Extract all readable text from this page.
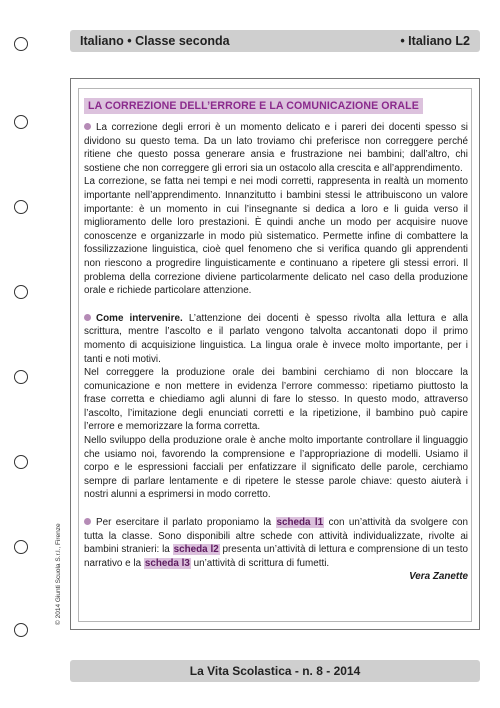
Italiano • Classe seconda	• Italiano L2
LA CORREZIONE DELL’ERRORE E LA COMUNICAZIONE ORALE

La correzione degli errori è un momento delicato e i pareri dei docenti spesso si dividono su questo tema. Da un lato troviamo chi preferisce non correggere perché ritiene che questo possa generare ansia e frustrazione nei bambini; dall’altro, chi sostiene che non correggere gli errori sia un ostacolo alla crescita e all’apprendimento.

La correzione, se fatta nei tempi e nei modi corretti, rappresenta in realtà un momento importante nell’apprendimento. Innanzitutto i bambini stessi le attribuiscono un valore importante: è un momento in cui l’insegnante si dedica a loro e li guida verso il miglioramento delle loro prestazioni. È quindi anche un modo per acquisire nuove conoscenze e organizzarle in modo più sistematico. Permette infine di combattere la fossilizzazione linguistica, cioè quel fenomeno che si verifica quando gli apprendenti non riescono a progredire linguisticamente e continuano a ripetere gli stessi errori. Il problema della correzione diviene particolarmente delicato nel caso della produzione orale e richiede particolare attenzione.

Come intervenire. L’attenzione dei docenti è spesso rivolta alla lettura e alla scrittura, mentre l’ascolto e il parlato vengono talvolta accantonati dopo il primo momento di acquisizione linguistica. La lingua orale è invece molto importante, per i tanti e noti motivi.

Nel correggere la produzione orale dei bambini cerchiamo di non bloccare la comunicazione e non mettere in evidenza l’errore commesso: ripetiamo piuttosto la frase corretta e chiediamo agli alunni di fare lo stesso. In questo modo, attraverso l’ascolto, l’imitazione degli enunciati corretti e la ripetizione, il bambino può capire l’errore e memorizzare la forma corretta.

Nello sviluppo della produzione orale è anche molto importante controllare il linguaggio che usiamo noi, favorendo la comprensione e l’appropriazione di modelli. Usiamo il corpo e le espressioni facciali per enfatizzare il significato delle parole, cerchiamo sempre di parlare lentamente e di ripetere le stesse parole chiave: questo aiuterà i nostri alunni a esprimersi in modo corretto.

Per esercitare il parlato proponiamo la scheda l1 con un’attività da svolgere con tutta la classe. Sono disponibili altre schede con attività individualizzate, rivolte ai bambini stranieri: la scheda l2 presenta un’attività di lettura e comprensione di un testo narrativo e la scheda l3 un’attività di scrittura di fumetti.

Vera Zanette

© 2014 Giunti Scuola S.r.l., Firenze
La Vita Scolastica - n. 8 - 2014
